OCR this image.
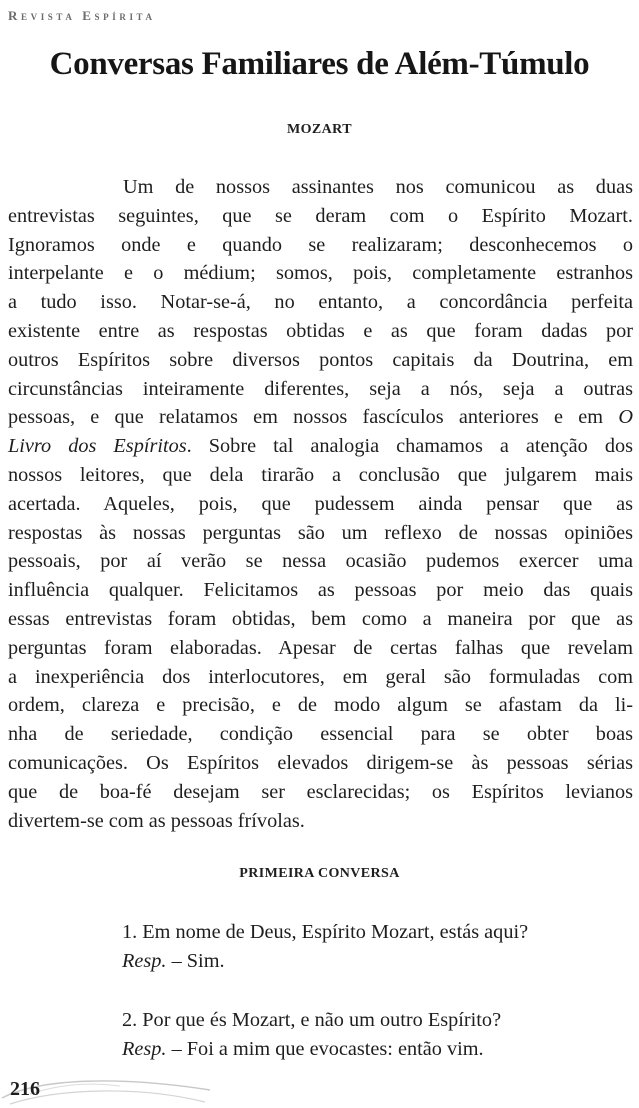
Revista Espírita
Conversas Familiares de Além-Túmulo
MOZART
Um de nossos assinantes nos comunicou as duas
entrevistas seguintes, que se deram com o Espírito Mozart.
Ignoramos onde e quando se realizaram; desconhecemos o
interpelante e o médium; somos, pois, completamente estranhos
a tudo isso. Notar-se-á, no entanto, a concordância perfeita
existente entre as respostas obtidas e as que foram dadas por
outros Espíritos sobre diversos pontos capitais da Doutrina, em
circunstâncias inteiramente diferentes, seja a nós, seja a outras
pessoas, e que relatamos em nossos fascículos anteriores e em O
Livro dos Espíritos. Sobre tal analogia chamamos a atenção dos
nossos leitores, que dela tirarão a conclusão que julgarem mais
acertada. Aqueles, pois, que pudessem ainda pensar que as
respostas às nossas perguntas são um reflexo de nossas opiniões
pessoais, por aí verão se nessa ocasião pudemos exercer uma
influência qualquer. Felicitamos as pessoas por meio das quais
essas entrevistas foram obtidas, bem como a maneira por que as
perguntas foram elaboradas. Apesar de certas falhas que revelam
a inexperiência dos interlocutores, em geral são formuladas com
ordem, clareza e precisão, e de modo algum se afastam da li-
nha de seriedade, condição essencial para se obter boas
comunicações. Os Espíritos elevados dirigem-se às pessoas sérias
que de boa-fé desejam ser esclarecidas; os Espíritos levianos
divertem-se com as pessoas frívolas.
PRIMEIRA CONVERSA
1. Em nome de Deus, Espírito Mozart, estás aqui?
Resp. – Sim.
2. Por que és Mozart, e não um outro Espírito?
Resp. – Foi a mim que evocastes: então vim.
216
